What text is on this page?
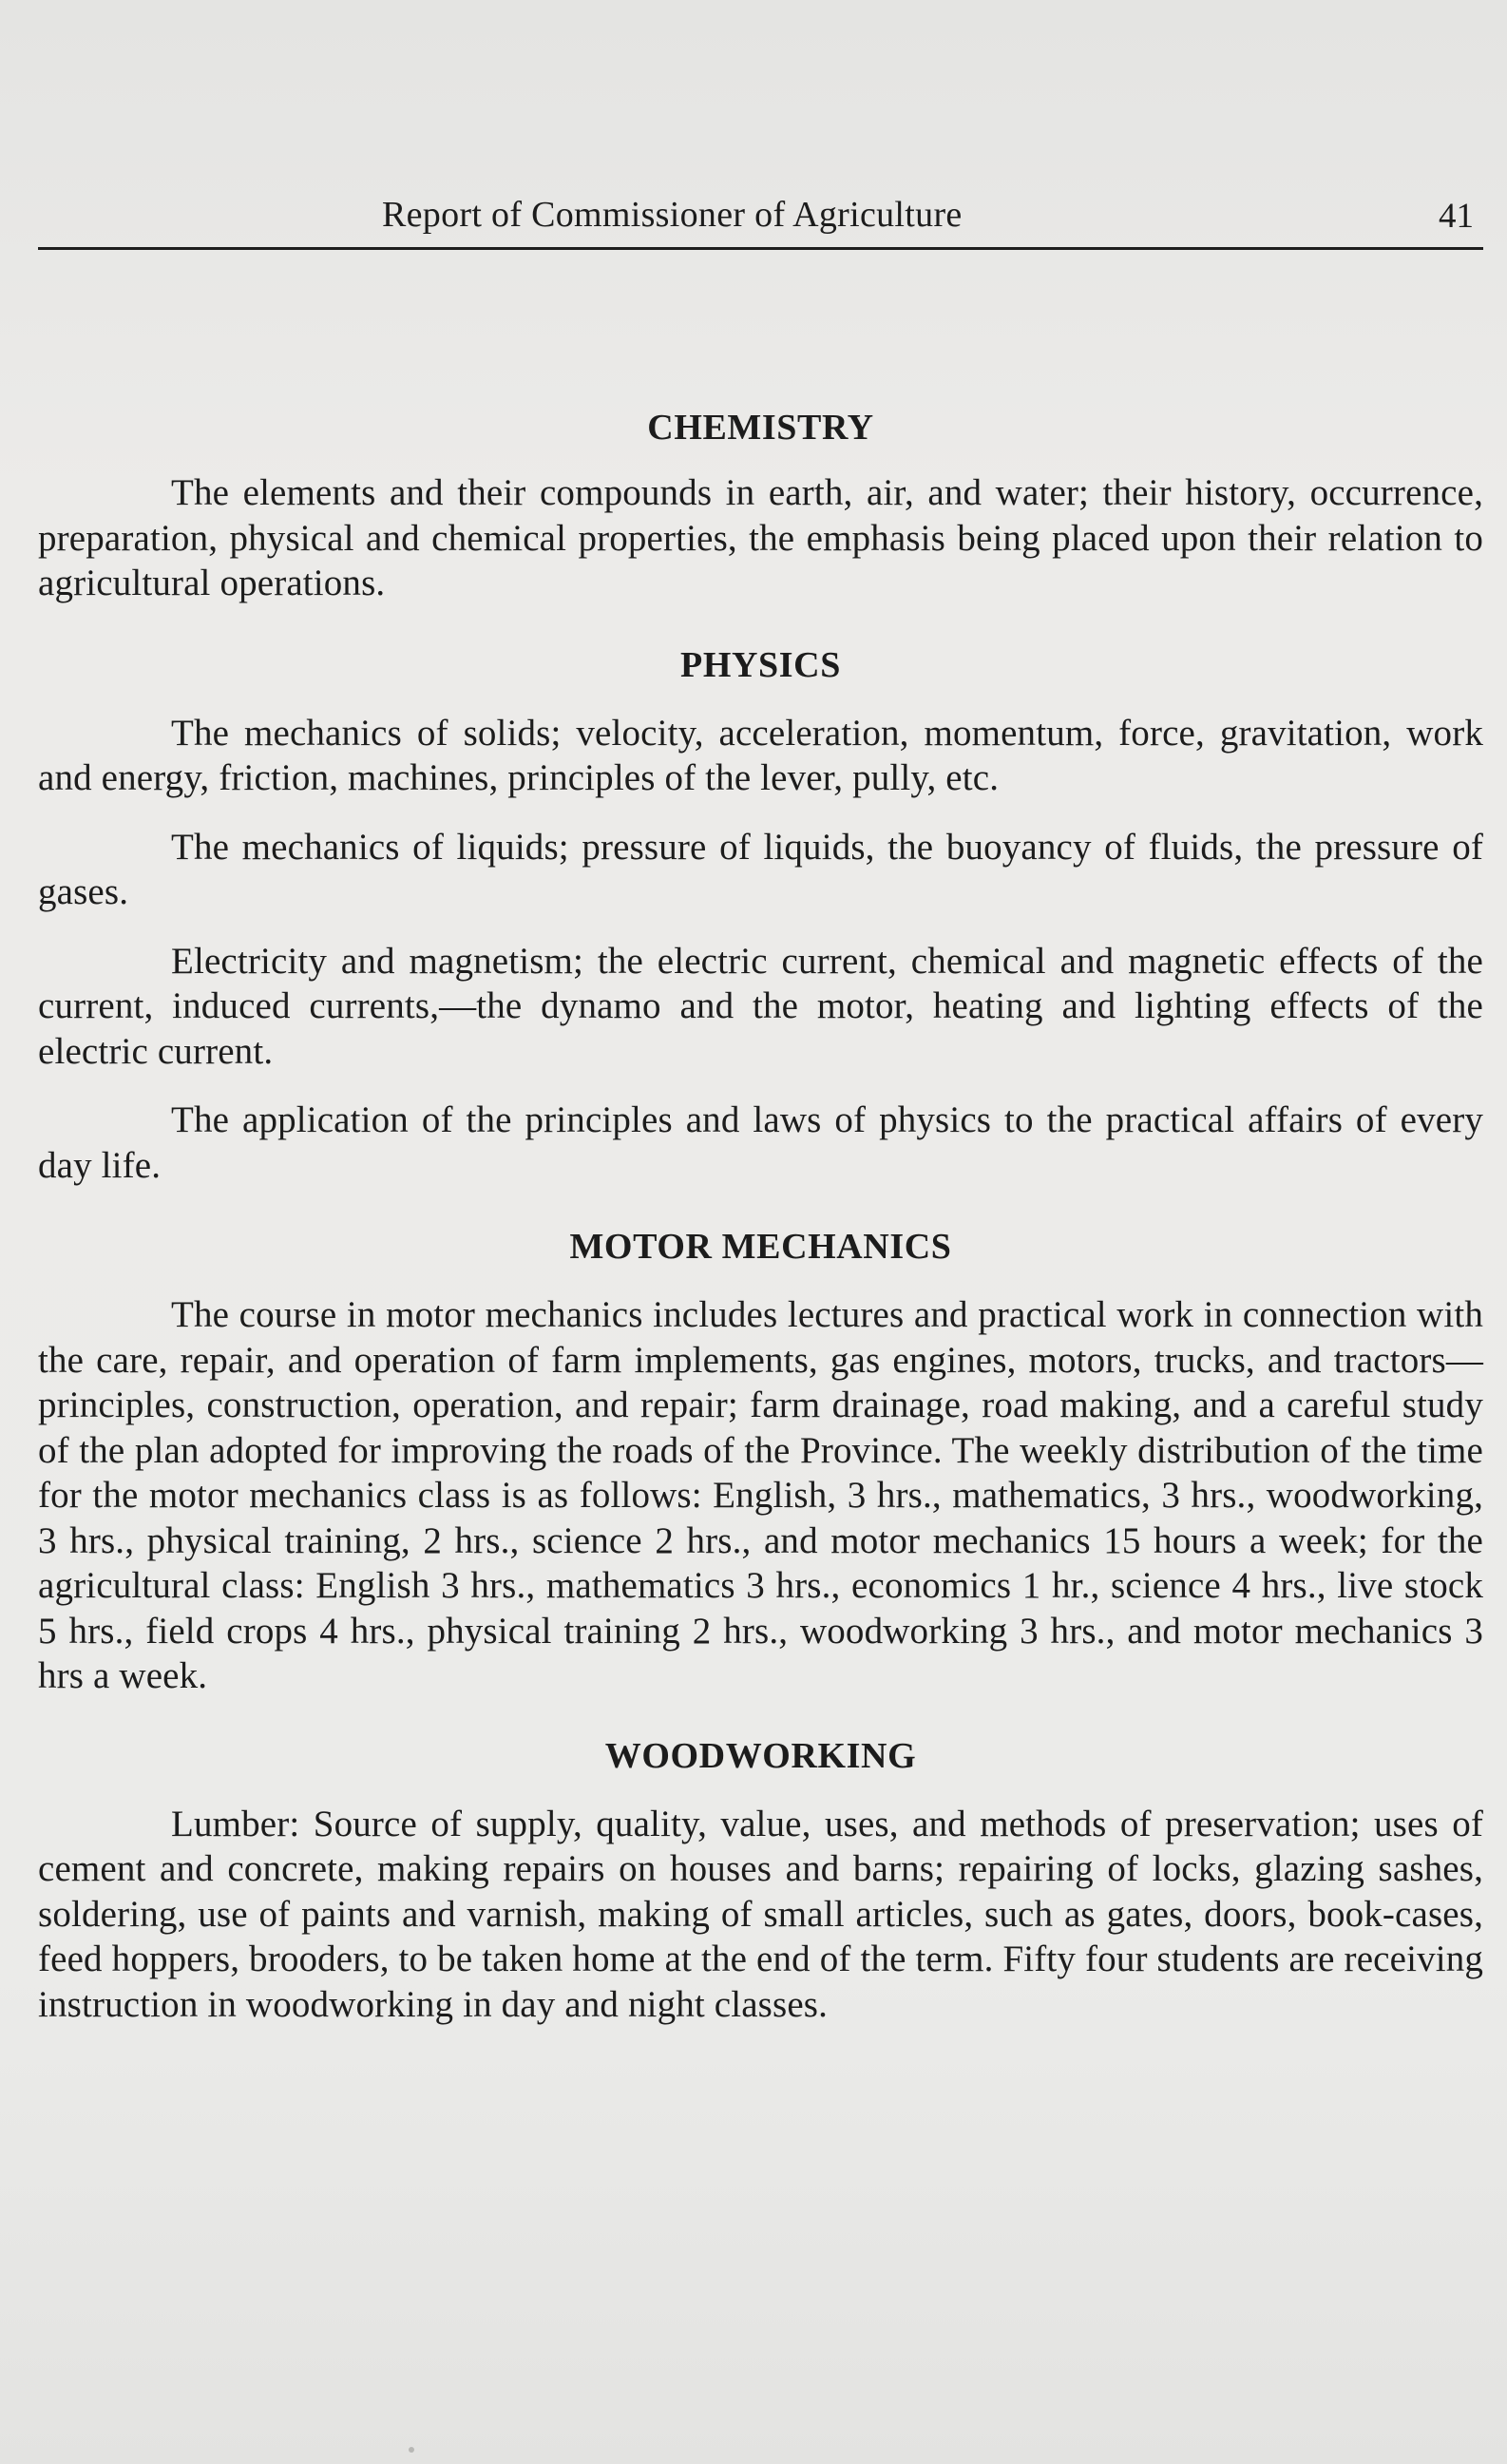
Report of Commissioner of Agriculture	41
CHEMISTRY

The elements and their compounds in earth, air, and water; their history, occurrence, preparation, physical and chemical properties, the emphasis being placed upon their relation to agricultural operations.

PHYSICS

The mechanics of solids; velocity, acceleration, momentum, force, gravitation, work and energy, friction, machines, principles of the lever, pully, etc.

The mechanics of liquids; pressure of liquids, the buoyancy of fluids, the pressure of gases.

Electricity and magnetism; the electric current, chemical and magnetic effects of the current, induced currents,—the dynamo and the motor, heating and lighting effects of the electric current.

The application of the principles and laws of physics to the practical affairs of every day life.

MOTOR MECHANICS

The course in motor mechanics includes lectures and practical work in connection with the care, repair, and operation of farm implements, gas engines, motors, trucks, and tractors—principles, construction, operation, and repair; farm drainage, road making, and a careful study of the plan adopted for improving the roads of the Province. The weekly distribution of the time for the motor mechanics class is as follows: English, 3 hrs., mathematics, 3 hrs., woodworking, 3 hrs., physical training, 2 hrs., science 2 hrs., and motor mechanics 15 hours a week; for the agricultural class: English 3 hrs., mathematics 3 hrs., economics 1 hr., science 4 hrs., live stock 5 hrs., field crops 4 hrs., physical training 2 hrs., woodworking 3 hrs., and motor mechanics 3 hrs a week.

WOODWORKING

Lumber: Source of supply, quality, value, uses, and methods of preservation; uses of cement and concrete, making repairs on houses and barns; repairing of locks, glazing sashes, soldering, use of paints and varnish, making of small articles, such as gates, doors, book-cases, feed hoppers, brooders, to be taken home at the end of the term. Fifty four students are receiving instruction in woodworking in day and night classes.
